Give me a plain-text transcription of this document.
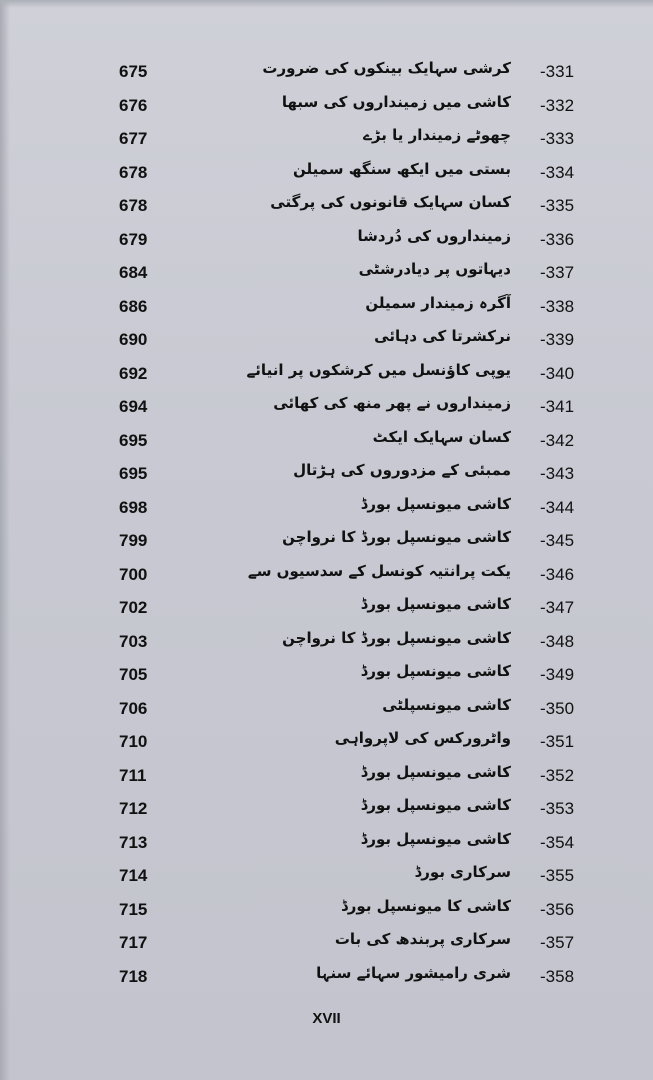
675	کرشی سہایک بینکوں کی ضرورت -331
676	کاشی میں زمینداروں کی سبھا -332
677	چھوٹے زمیندار یا بڑے -333
678	بستی میں ایکھ سنگھ سمیلن -334
678	کسان سہایک قانونوں کی پرگتی -335
679	زمینداروں کی دُردشا -336
684	دیہاتوں پر دیادرشٹی -337
686	آگرہ زمیندار سمیلن -338
690	نرکشرتا کی دہائی -339
692	یوپی کاؤنسل میں کرشکوں پر انیائے -340
694	زمینداروں نے پھر منھ کی کھائی -341
695	کسان سہایک ایکٹ -342
695	ممبئی کے مزدوروں کی ہڑتال -343
698	کاشی میونسپل بورڈ -344
799	کاشی میونسپل بورڈ کا نرواچن -345
700	یکت پرانتیہ کونسل کے سدسیوں سے -346
702	کاشی میونسپل بورڈ -347
703	کاشی میونسپل بورڈ کا نرواچن -348
705	کاشی میونسپل بورڈ -349
706	کاشی میونسپلٹی -350
710	واٹرورکس کی لاپرواہی -351
711	کاشی میونسپل بورڈ -352
712	کاشی میونسپل بورڈ -353
713	کاشی میونسپل بورڈ -354
714	سرکاری بورڈ -355
715	کاشی کا میونسپل بورڈ -356
717	سرکاری پربندھ کی بات -357
718	شری رامیشور سہائے سنہا -358
XVII
